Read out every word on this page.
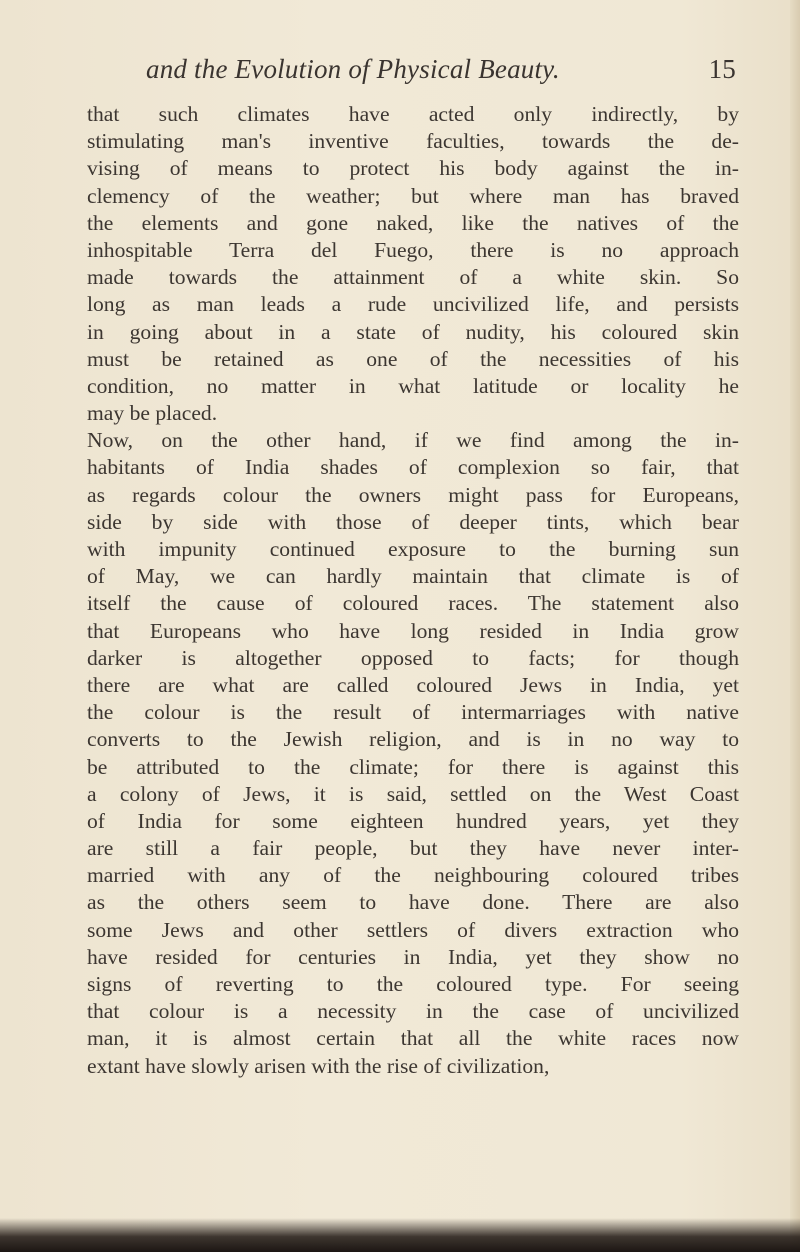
and the Evolution of Physical Beauty.	15
that such climates have acted only indirectly, by
stimulating man's inventive faculties, towards the de-
vising of means to protect his body against the in-
clemency of the weather; but where man has braved
the elements and gone naked, like the natives of the
inhospitable Terra del Fuego, there is no approach
made towards the attainment of a white skin. So
long as man leads a rude uncivilized life, and persists
in going about in a state of nudity, his coloured skin
must be retained as one of the necessities of his
condition, no matter in what latitude or locality he
may be placed.
Now, on the other hand, if we find among the in-
habitants of India shades of complexion so fair, that
as regards colour the owners might pass for Europeans,
side by side with those of deeper tints, which bear
with impunity continued exposure to the burning sun
of May, we can hardly maintain that climate is of
itself the cause of coloured races. The statement also
that Europeans who have long resided in India grow
darker is altogether opposed to facts; for though
there are what are called coloured Jews in India, yet
the colour is the result of intermarriages with native
converts to the Jewish religion, and is in no way to
be attributed to the climate; for there is against this
a colony of Jews, it is said, settled on the West Coast
of India for some eighteen hundred years, yet they
are still a fair people, but they have never inter-
married with any of the neighbouring coloured tribes
as the others seem to have done. There are also
some Jews and other settlers of divers extraction who
have resided for centuries in India, yet they show no
signs of reverting to the coloured type. For seeing
that colour is a necessity in the case of uncivilized
man, it is almost certain that all the white races now
extant have slowly arisen with the rise of civilization,
